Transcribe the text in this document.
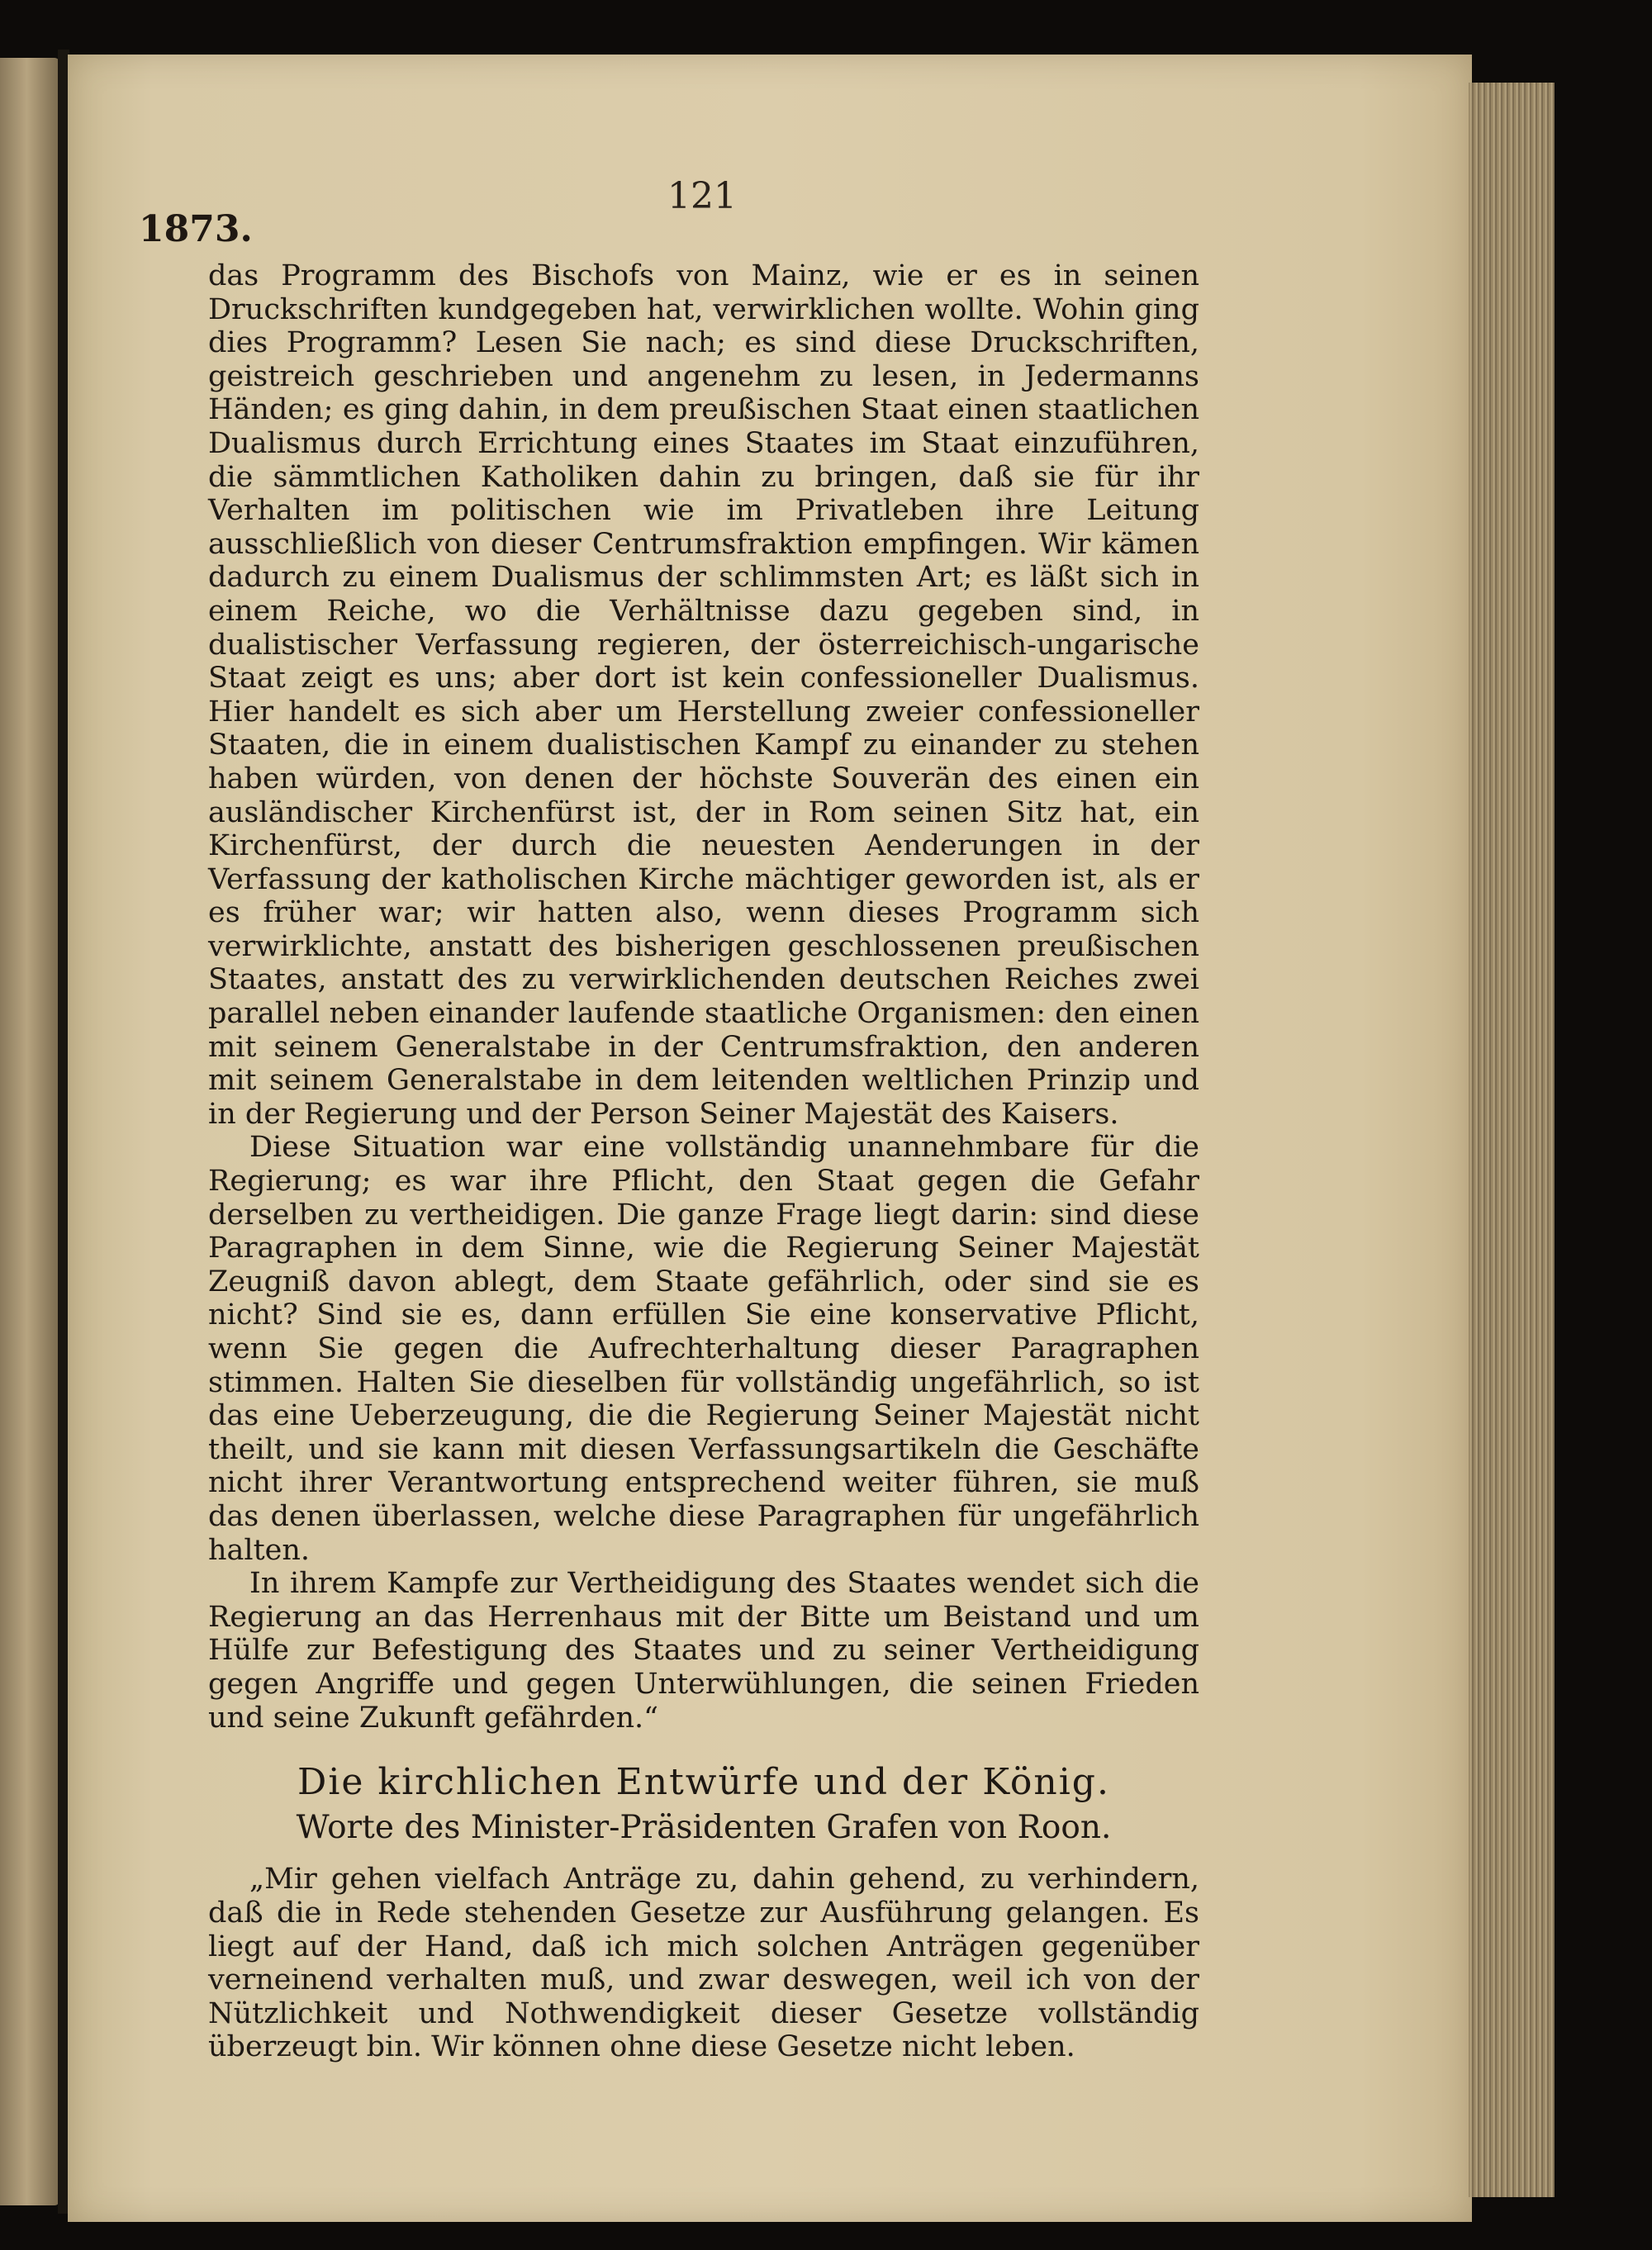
121
1873.

das Programm des Bischofs von Mainz, wie er es in seinen Druckschriften kundgegeben hat, verwirklichen wollte. Wohin ging dies Programm? Lesen Sie nach; es sind diese Druckschriften, geistreich geschrieben und angenehm zu lesen, in Jedermanns Händen; es ging dahin, in dem preußischen Staat einen staatlichen Dualismus durch Errichtung eines Staates im Staat einzuführen, die sämmtlichen Katholiken dahin zu bringen, daß sie für ihr Verhalten im politischen wie im Privatleben ihre Leitung ausschließlich von dieser Centrumsfraktion empfingen. Wir kämen dadurch zu einem Dualismus der schlimmsten Art; es läßt sich in einem Reiche, wo die Verhältnisse dazu gegeben sind, in dualistischer Verfassung regieren, der österreichisch-ungarische Staat zeigt es uns; aber dort ist kein confessioneller Dualismus. Hier handelt es sich aber um Herstellung zweier confessioneller Staaten, die in einem dualistischen Kampf zu einander zu stehen haben würden, von denen der höchste Souverän des einen ein ausländischer Kirchenfürst ist, der in Rom seinen Sitz hat, ein Kirchenfürst, der durch die neuesten Aenderungen in der Verfassung der katholischen Kirche mächtiger geworden ist, als er es früher war; wir hatten also, wenn dieses Programm sich verwirklichte, anstatt des bisherigen geschlossenen preußischen Staates, anstatt des zu verwirklichenden deutschen Reiches zwei parallel neben einander laufende staatliche Organismen: den einen mit seinem Generalstabe in der Centrumsfraktion, den anderen mit seinem Generalstabe in dem leitenden weltlichen Prinzip und in der Regierung und der Person Seiner Majestät des Kaisers.

Diese Situation war eine vollständig unannehmbare für die Regierung; es war ihre Pflicht, den Staat gegen die Gefahr derselben zu vertheidigen. Die ganze Frage liegt darin: sind diese Paragraphen in dem Sinne, wie die Regierung Seiner Majestät Zeugniß davon ablegt, dem Staate gefährlich, oder sind sie es nicht? Sind sie es, dann erfüllen Sie eine konservative Pflicht, wenn Sie gegen die Aufrechterhaltung dieser Paragraphen stimmen. Halten Sie dieselben für vollständig ungefährlich, so ist das eine Ueberzeugung, die die Regierung Seiner Majestät nicht theilt, und sie kann mit diesen Verfassungsartikeln die Geschäfte nicht ihrer Verantwortung entsprechend weiter führen, sie muß das denen überlassen, welche diese Paragraphen für ungefährlich halten.

In ihrem Kampfe zur Vertheidigung des Staates wendet sich die Regierung an das Herrenhaus mit der Bitte um Beistand und um Hülfe zur Befestigung des Staates und zu seiner Vertheidigung gegen Angriffe und gegen Unterwühlungen, die seinen Frieden und seine Zukunft gefährden.“

Die kirchlichen Entwürfe und der König.
Worte des Minister-Präsidenten Grafen von Roon.

„Mir gehen vielfach Anträge zu, dahin gehend, zu verhindern, daß die in Rede stehenden Gesetze zur Ausführung gelangen. Es liegt auf der Hand, daß ich mich solchen Anträgen gegenüber verneinend verhalten muß, und zwar deswegen, weil ich von der Nützlichkeit und Nothwendigkeit dieser Gesetze vollständig überzeugt bin. Wir können ohne diese Gesetze nicht leben.
